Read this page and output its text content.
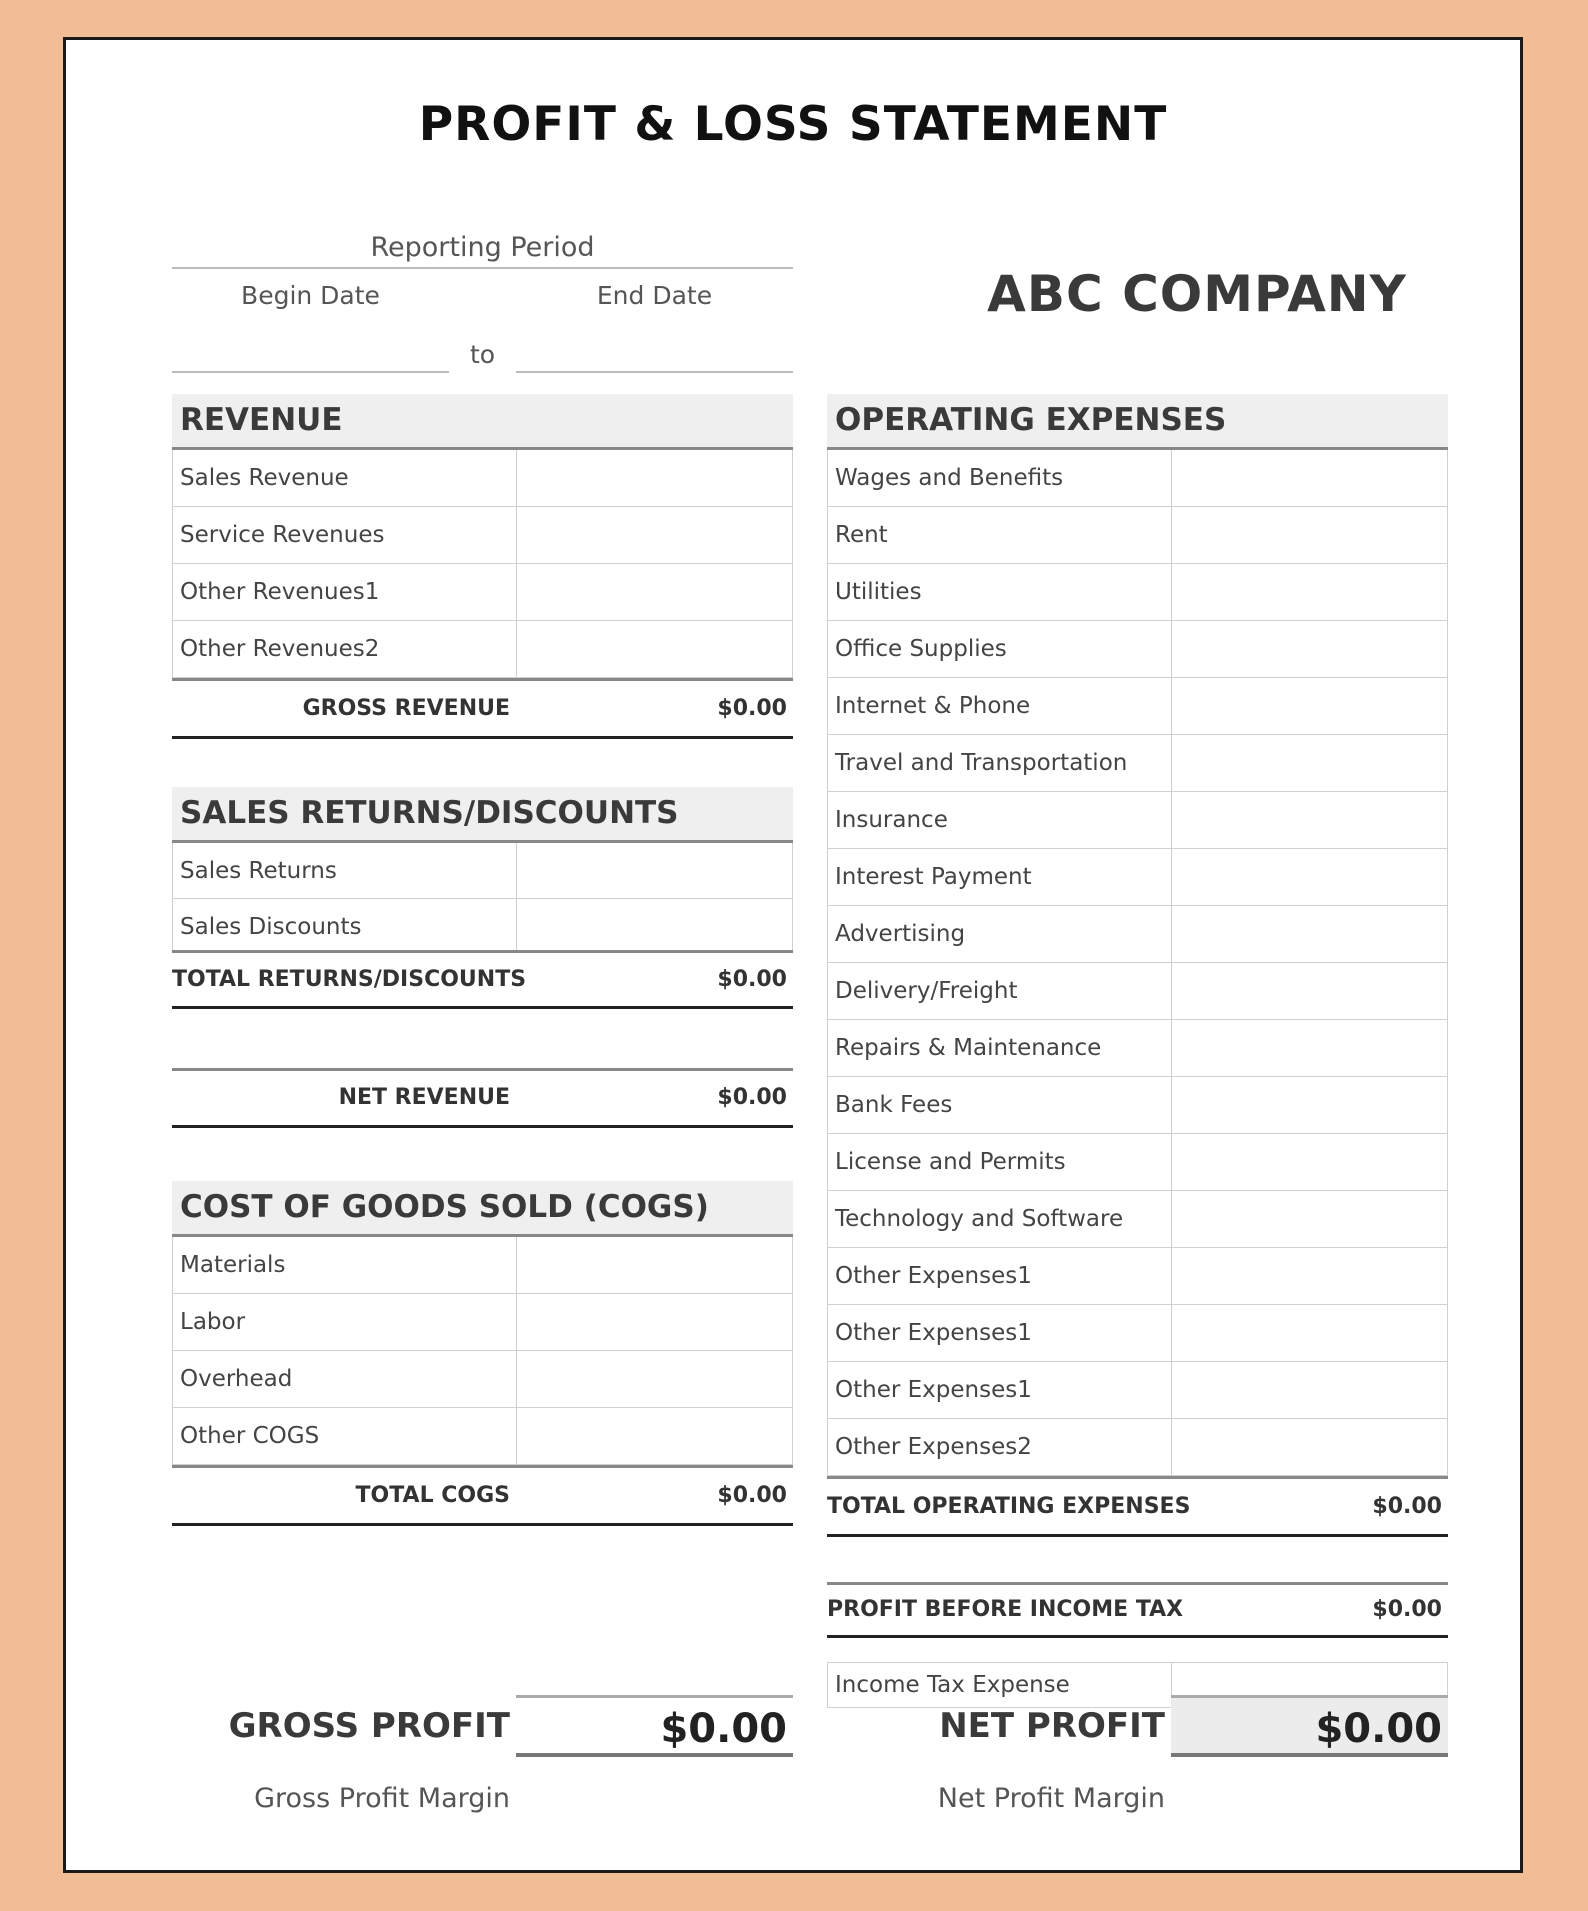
PROFIT & LOSS STATEMENT
Reporting Period
Begin Date	End Date
to
ABC COMPANY
REVENUE
Sales Revenue
Service Revenues
Other Revenues1
Other Revenues2
GROSS REVENUE	$0.00
SALES RETURNS/DISCOUNTS
Sales Returns
Sales Discounts
TOTAL RETURNS/DISCOUNTS	$0.00
NET REVENUE	$0.00
COST OF GOODS SOLD (COGS)
Materials
Labor
Overhead
Other COGS
TOTAL COGS	$0.00
GROSS PROFIT	$0.00
Gross Profit Margin
OPERATING EXPENSES
Wages and Benefits
Rent
Utilities
Office Supplies
Internet & Phone
Travel and Transportation
Insurance
Interest Payment
Advertising
Delivery/Freight
Repairs & Maintenance
Bank Fees
License and Permits
Technology and Software
Other Expenses1
Other Expenses1
Other Expenses1
Other Expenses2
TOTAL OPERATING EXPENSES	$0.00
PROFIT BEFORE INCOME TAX	$0.00
Income Tax Expense
NET PROFIT	$0.00
Net Profit Margin
